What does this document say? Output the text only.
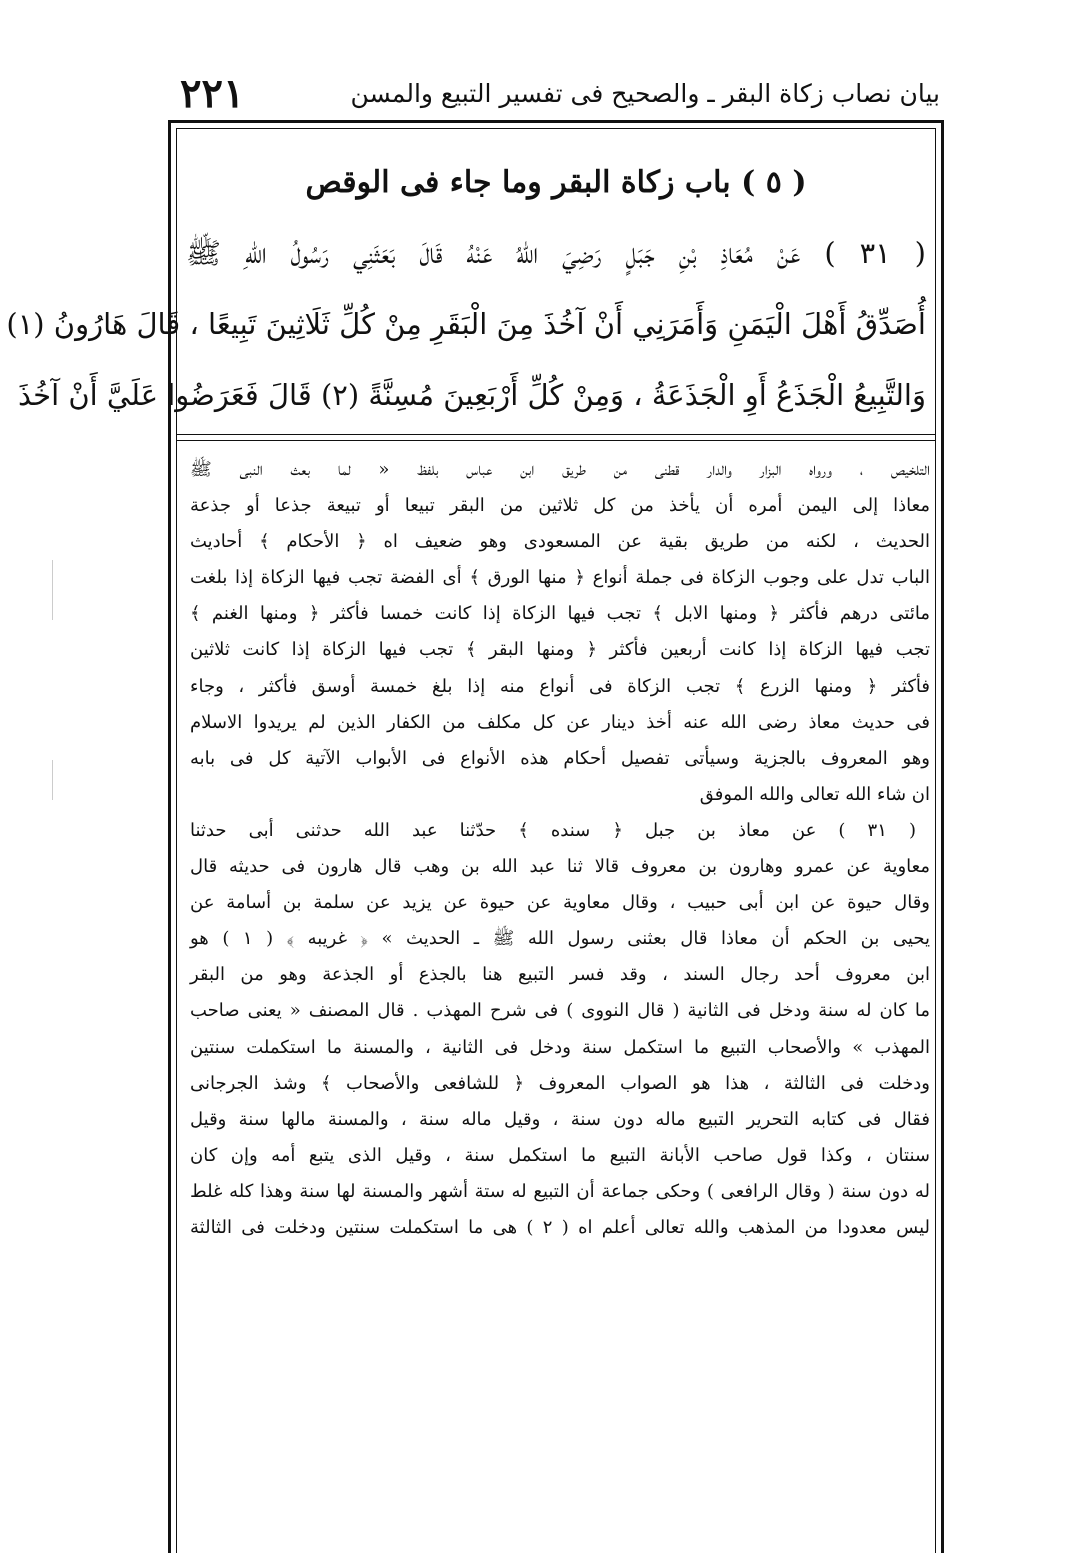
٢٢١	بيان نصاب زكاة البقر ـ والصحيح فى تفسير التبيع والمسن
( ٥ ) باب زكاة البقر وما جاء فى الوقص
( ٣١ ) عَنْ مُعَاذِ بْنِ جَبَلٍ رَضِيَ اللّٰهُ عَنْهُ قَالَ بَعَثَنِي رَسُولُ اللّٰهِ ﷺ
أُصَدِّقُ أَهْلَ الْيَمَنِ وَأَمَرَنِي أَنْ آخُذَ مِنَ الْبَقَرِ مِنْ كُلِّ ثَلَاثِينَ تَبِيعًا ، قَالَ هَارُونُ (١)
وَالتَّبِيعُ الْجَذَعُ أَوِ الْجَذَعَةُ ، وَمِنْ كُلِّ أَرْبَعِينَ مُسِنَّةً (٢) قَالَ فَعَرَضُوا عَلَيَّ أَنْ آخُذَ
التلخيص ، ورواه البزار والدار قطنى من طريق ابن عباس بلفظ « لما بعث النبى ﷺ
معاذا إلى اليمن أمره أن يأخذ من كل ثلاثين من البقر تبيعا أو تبيعة جذعا أو جذعة
الحديث ، لكنه من طريق بقية عن المسعودى وهو ضعيف اه ﴿ الأحكام ﴾ أحاديث
الباب تدل على وجوب الزكاة فى جملة أنواع ﴿ منها الورق ﴾ أى الفضة تجب فيها الزكاة إذا بلغت
مائتى درهم فأكثر ﴿ ومنها الابل ﴾ تجب فيها الزكاة إذا كانت خمسا فأكثر ﴿ ومنها الغنم ﴾
تجب فيها الزكاة إذا كانت أربعين فأكثر ﴿ ومنها البقر ﴾ تجب فيها الزكاة إذا كانت ثلاثين
فأكثر ﴿ ومنها الزرع ﴾ تجب الزكاة فى أنواع منه إذا بلغ خمسة أوسق فأكثر ، وجاء
فى حديث معاذ رضى الله عنه أخذ دينار عن كل مكلف من الكفار الذين لم يريدوا الاسلام
وهو المعروف بالجزية وسيأتى تفصيل أحكام هذه الأنواع فى الأبواب الآتية كل فى بابه
ان شاء الله تعالى والله الموفق
( ٣١ ) عن معاذ بن جبل ﴿ سنده ﴾ حدّثنا عبد الله حدثنى أبى حدثنا
معاوية عن عمرو وهارون بن معروف قالا ثنا عبد الله بن وهب قال هارون فى حديثه قال
وقال حيوة عن ابن أبى حبيب ، وقال معاوية عن حيوة عن يزيد عن سلمة بن أسامة عن
يحيى بن الحكم أن معاذا قال بعثنى رسول الله ﷺ ـ الحديث » ﴿ غريبه ﴾ ( ١ ) هو
ابن معروف أحد رجال السند ، وقد فسر التبيع هنا بالجذع أو الجذعة وهو من البقر
ما كان له سنة ودخل فى الثانية ( قال النووى ) فى شرح المهذب . قال المصنف « يعنى صاحب
المهذب » والأصحاب التبيع ما استكمل سنة ودخل فى الثانية ، والمسنة ما استكملت سنتين
ودخلت فى الثالثة ، هذا هو الصواب المعروف ﴿ للشافعى والأصحاب ﴾ وشذ الجرجانى
فقال فى كتابه التحرير التبيع ماله دون سنة ، وقيل ماله سنة ، والمسنة مالها سنة وقيل
سنتان ، وكذا قول صاحب الأبانة التبيع ما استكمل سنة ، وقيل الذى يتبع أمه وإن كان
له دون سنة ( وقال الرافعى ) وحكى جماعة أن التبيع له ستة أشهر والمسنة لها سنة وهذا كله غلط
ليس معدودا من المذهب والله تعالى أعلم اه ( ٢ ) هى ما استكملت سنتين ودخلت فى الثالثة
